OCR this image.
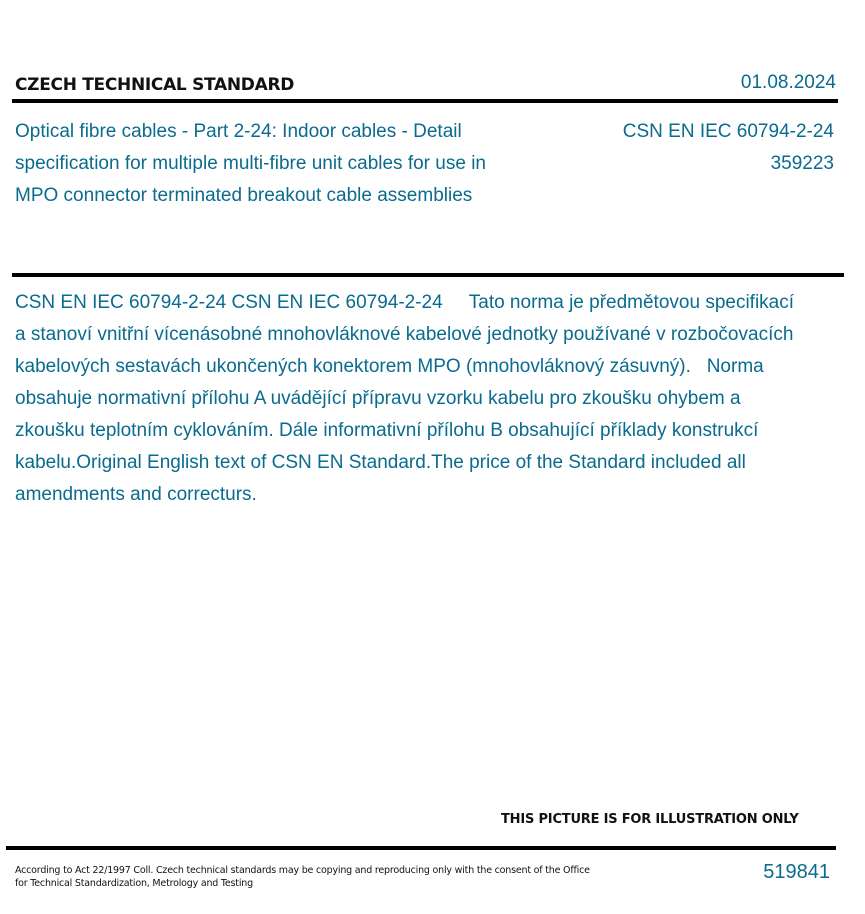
CZECH TECHNICAL STANDARD	01.08.2024
Optical fibre cables - Part 2-24: Indoor cables - Detail specification for multiple multi-fibre unit cables for use in MPO connector terminated breakout cable assemblies
CSN EN IEC 60794-2-24
359223
CSN EN IEC 60794-2-24 CSN EN IEC 60794-2-24     Tato norma je předmětovou specifikací a stanoví vnitřní vícenásobné mnohovláknové kabelové jednotky používané v rozbočovacích kabelových sestavách ukončených konektorem MPO (mnohovláknový zásuvný).   Norma obsahuje normativní přílohu A uvádějící přípravu vzorku kabelu pro zkoušku ohybem a zkoušku teplotním cyklováním. Dále informativní přílohu B obsahující příklady konstrukcí kabelu.Original English text of CSN EN Standard.The price of the Standard included all amendments and correcturs.
THIS PICTURE IS FOR ILLUSTRATION ONLY
According to Act 22/1997 Coll. Czech technical standards may be copying and reproducing only with the consent of the Office for Technical Standardization, Metrology and Testing
519841
